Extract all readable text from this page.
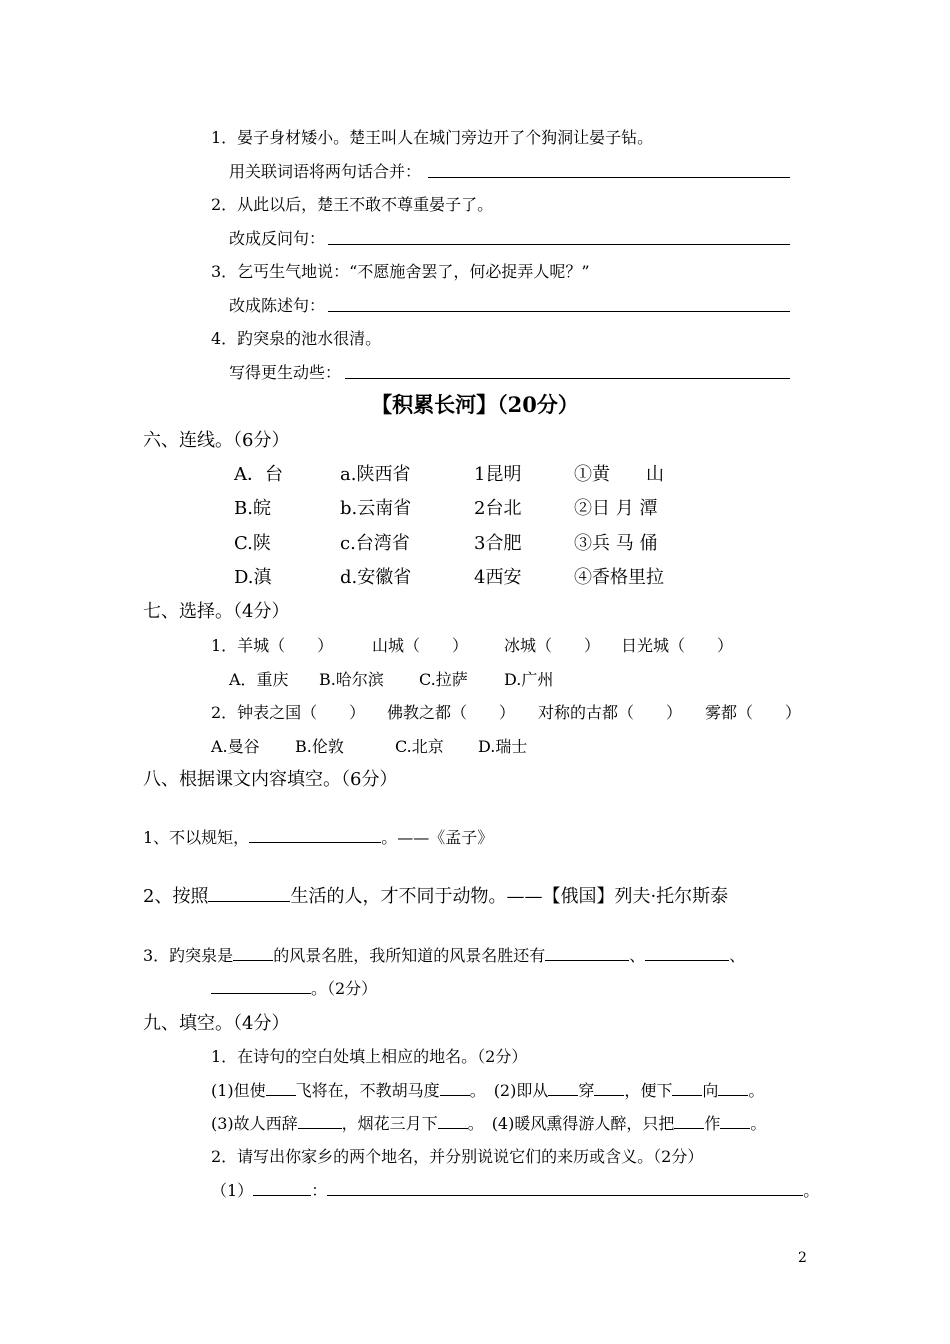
1．晏子身材矮小。楚王叫人在城门旁边开了个狗洞让晏子钻。
用关联词语将两句话合并：
2．从此以后，楚王不敢不尊重晏子了。
改成反问句：
3．乞丐生气地说：“不愿施舍罢了，何必捉弄人呢？”
改成陈述句：
4．趵突泉的池水很清。
写得更生动些：
【积累长河】（20分）
六、连线。（6分）
A．台	a.陕西省	1昆明	①黄　　山
B.皖	b.云南省	2台北	②日 月 潭
C.陕	c.台湾省	3合肥	③兵 马 俑
D.滇	d.安徽省	4西安	④香格里拉
七、选择。（4分）
1．羊城（　　） 山城（　　） 冰城（　　） 日光城（　　）
A．重庆 B.哈尔滨 C.拉萨 D.广州
2．钟表之国（　　） 佛教之都（　　） 对称的古都（　　） 雾都（　　）
A.曼谷 B.伦敦	C.北京 D.瑞士
八、根据课文内容填空。（6分）
1、不以规矩，	。——《孟子》
2、按照	生活的人，才不同于动物。——【俄国】列夫·托尔斯泰
3．趵突泉是	的风景名胜，我所知道的风景名胜还有	、	、
。（2分）
九、填空。（4分）
1．在诗句的空白处填上相应的地名。（2分）
(1)但使 飞将在，不教胡马度 。　(2)即从 穿 ，便下 向 。
(3)故人西辞	，烟花三月下 。　(4)暖风熏得游人醉，只把 作 。
2．请写出你家乡的两个地名，并分别说说它们的来历或含义。（2分）
（1）	：	。
2
